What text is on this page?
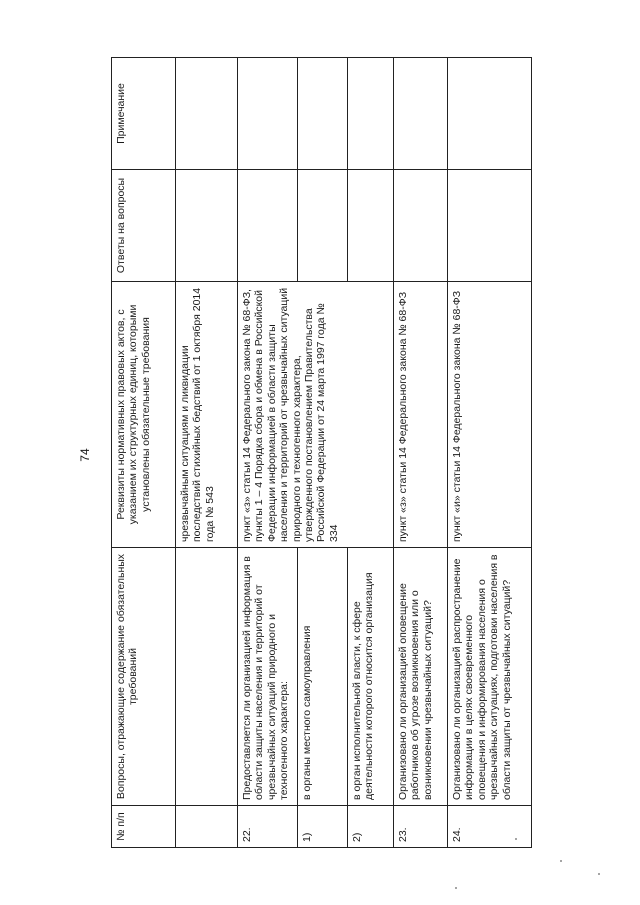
74
№ п/п	Вопросы, отражающие содержание обязательных требований	Реквизиты нормативных правовых актов, с указанием их структурных единиц, которыми установлены обязательные требования	Ответы на вопросы	Примечание
		чрезвычайным ситуациям и ликвидации последствий стихийных бедствий от 1 октября 2014 года № 543		
22.	Предоставляется ли организацией информация в области защиты населения и территорий от чрезвычайных ситуаций природного и техногенного характера:	пункт «з» статьи 14 Федерального закона № 68-ФЗ, пункты 1 – 4 Порядка сбора и обмена в Российской Федерации информацией в области защиты населения и территорий от чрезвычайных ситуаций природного и техногенного характера, утвержденного постановлением Правительства Российской Федерации от 24 марта 1997 года № 334		
1)	в органы местного самоуправления			
2)	в орган исполнительной власти, к сфере деятельности которого относится организация			
23.	Организовано ли организацией оповещение работников об угрозе возникновения или о возникновении чрезвычайных ситуаций?	пункт «з» статьи 14 Федерального закона № 68-ФЗ		
24.	Организовано ли организацией распространение информации в целях своевременного оповещения и информирования населения о чрезвычайных ситуациях, подготовки населения в области защиты от чрезвычайных ситуаций?	пункт «и» статьи 14 Федерального закона № 68-ФЗ		
